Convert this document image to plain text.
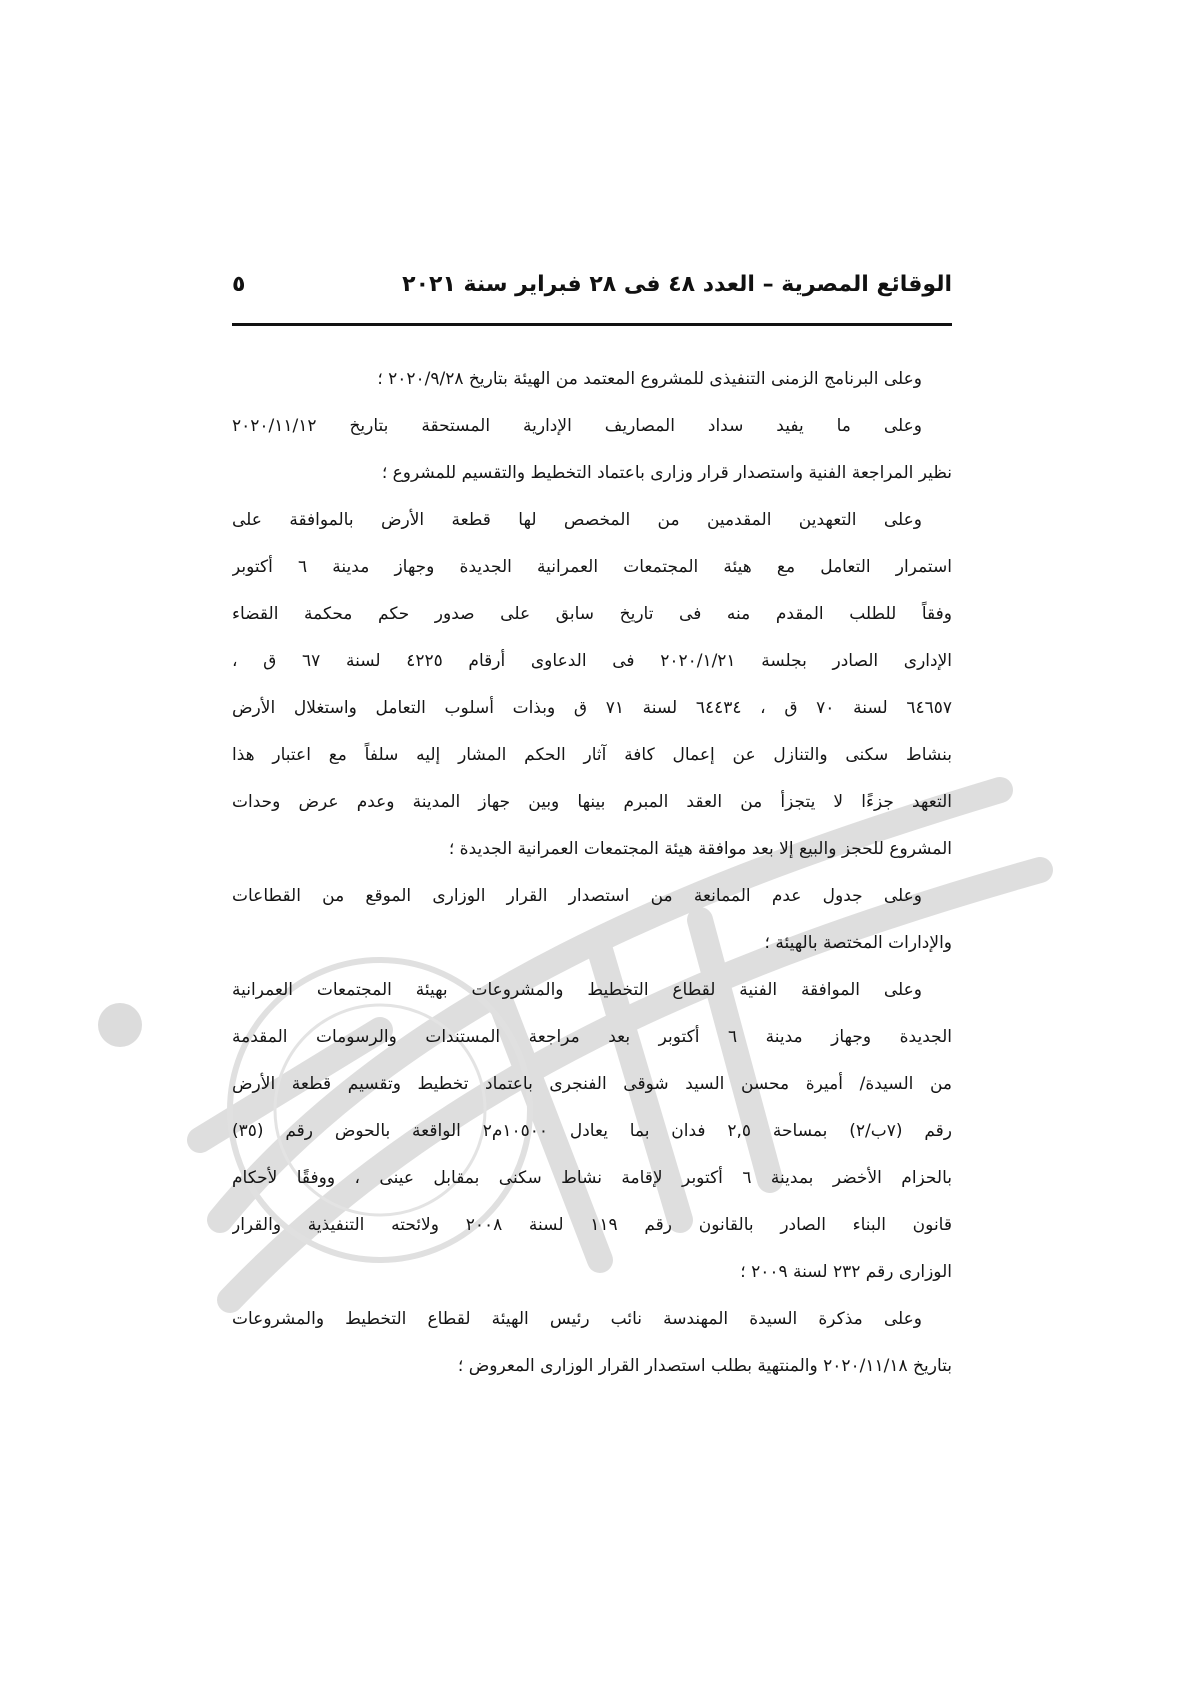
الوقائع المصرية – العدد ٤٨ فى ٢٨ فبراير سنة ٢٠٢١
٥
وعلى البرنامج الزمنى التنفيذى للمشروع المعتمد من الهيئة بتاريخ ٢٠٢٠/٩/٢٨ ؛
وعلى ما يفيد سداد المصاريف الإدارية المستحقة بتاريخ ٢٠٢٠/١١/١٢
نظير المراجعة الفنية واستصدار قرار وزارى باعتماد التخطيط والتقسيم للمشروع ؛
وعلى التعهدين المقدمين من المخصص لها قطعة الأرض بالموافقة على
استمرار التعامل مع هيئة المجتمعات العمرانية الجديدة وجهاز مدينة ٦ أكتوبر
وفقاً للطلب المقدم منه فى تاريخ سابق على صدور حكم محكمة القضاء
الإدارى الصادر بجلسة ٢٠٢٠/١/٢١ فى الدعاوى أرقام ٤٢٢٥ لسنة ٦٧ ق ،
٦٤٦٥٧ لسنة ٧٠ ق ، ٦٤٤٣٤ لسنة ٧١ ق وبذات أسلوب التعامل واستغلال الأرض
بنشاط سكنى والتنازل عن إعمال كافة آثار الحكم المشار إليه سلفاً مع اعتبار هذا
التعهد جزءًا لا يتجزأ من العقد المبرم بينها وبين جهاز المدينة وعدم عرض وحدات
المشروع للحجز والبيع إلا بعد موافقة هيئة المجتمعات العمرانية الجديدة ؛
وعلى جدول عدم الممانعة من استصدار القرار الوزارى الموقع من القطاعات
والإدارات المختصة بالهيئة ؛
وعلى الموافقة الفنية لقطاع التخطيط والمشروعات بهيئة المجتمعات العمرانية
الجديدة وجهاز مدينة ٦ أكتوبر بعد مراجعة المستندات والرسومات المقدمة
من السيدة/ أميرة محسن السيد شوقى الفنجرى باعتماد تخطيط وتقسيم قطعة الأرض
رقم (٧ب/٢) بمساحة ٢,٥ فدان بما يعادل ١٠٥٠٠م٢ الواقعة بالحوض رقم (٣٥)
بالحزام الأخضر بمدينة ٦ أكتوبر لإقامة نشاط سكنى بمقابل عينى ، ووفقًا لأحكام
قانون البناء الصادر بالقانون رقم ١١٩ لسنة ٢٠٠٨ ولائحته التنفيذية والقرار
الوزارى رقم ٢٣٢ لسنة ٢٠٠٩ ؛
وعلى مذكرة السيدة المهندسة نائب رئيس الهيئة لقطاع التخطيط والمشروعات
بتاريخ ٢٠٢٠/١١/١٨ والمنتهية بطلب استصدار القرار الوزارى المعروض ؛
